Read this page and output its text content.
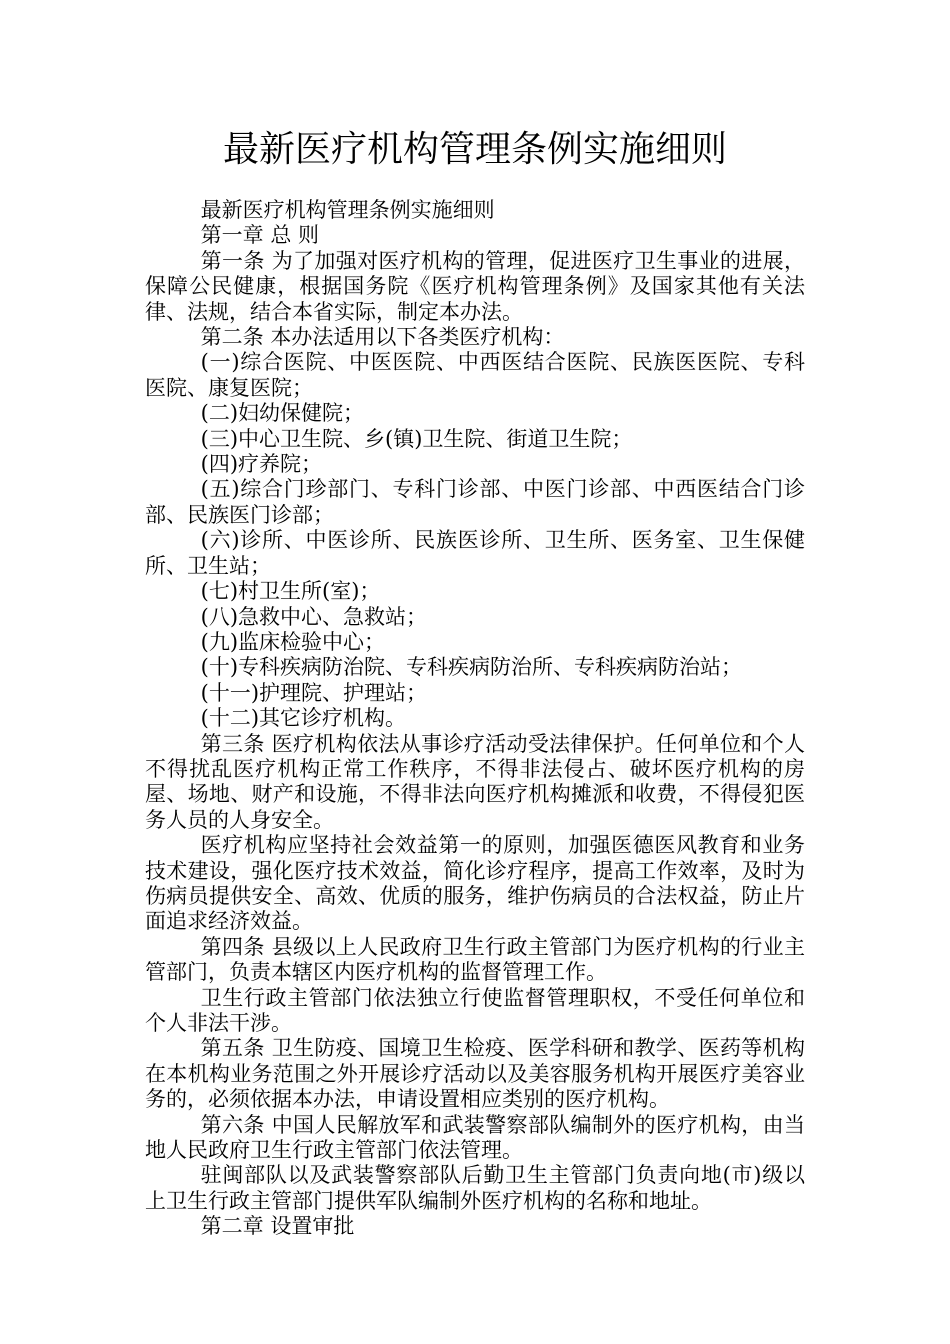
最新医疗机构管理条例实施细则

最新医疗机构管理条例实施细则

第一章 总 则

第一条 为了加强对医疗机构的管理，促进医疗卫生事业的进展，保障公民健康，根据国务院《医疗机构管理条例》及国家其他有关法律、法规，结合本省实际，制定本办法。

第二条 本办法适用以下各类医疗机构：

(一)综合医院、中医医院、中西医结合医院、民族医医院、专科医院、康复医院；

(二)妇幼保健院；

(三)中心卫生院、乡(镇)卫生院、街道卫生院；

(四)疗养院；

(五)综合门珍部门、专科门诊部、中医门诊部、中西医结合门诊部、民族医门诊部；

(六)诊所、中医诊所、民族医诊所、卫生所、医务室、卫生保健所、卫生站；

(七)村卫生所(室)；

(八)急救中心、急救站；

(九)监床检验中心；

(十)专科疾病防治院、专科疾病防治所、专科疾病防治站；

(十一)护理院、护理站；

(十二)其它诊疗机构。

第三条 医疗机构依法从事诊疗活动受法律保护。任何单位和个人不得扰乱医疗机构正常工作秩序，不得非法侵占、破坏医疗机构的房屋、场地、财产和设施，不得非法向医疗机构摊派和收费，不得侵犯医务人员的人身安全。

医疗机构应坚持社会效益第一的原则，加强医德医风教育和业务技术建设，强化医疗技术效益，简化诊疗程序，提高工作效率，及时为伤病员提供安全、高效、优质的服务，维护伤病员的合法权益，防止片面追求经济效益。

第四条 县级以上人民政府卫生行政主管部门为医疗机构的行业主管部门，负责本辖区内医疗机构的监督管理工作。

卫生行政主管部门依法独立行使监督管理职权，不受任何单位和个人非法干涉。

第五条 卫生防疫、国境卫生检疫、医学科研和教学、医药等机构在本机构业务范围之外开展诊疗活动以及美容服务机构开展医疗美容业务的，必须依据本办法，申请设置相应类别的医疗机构。

第六条 中国人民解放军和武装警察部队编制外的医疗机构，由当地人民政府卫生行政主管部门依法管理。

驻闽部队以及武装警察部队后勤卫生主管部门负责向地(市)级以上卫生行政主管部门提供军队编制外医疗机构的名称和地址。

第二章 设置审批
